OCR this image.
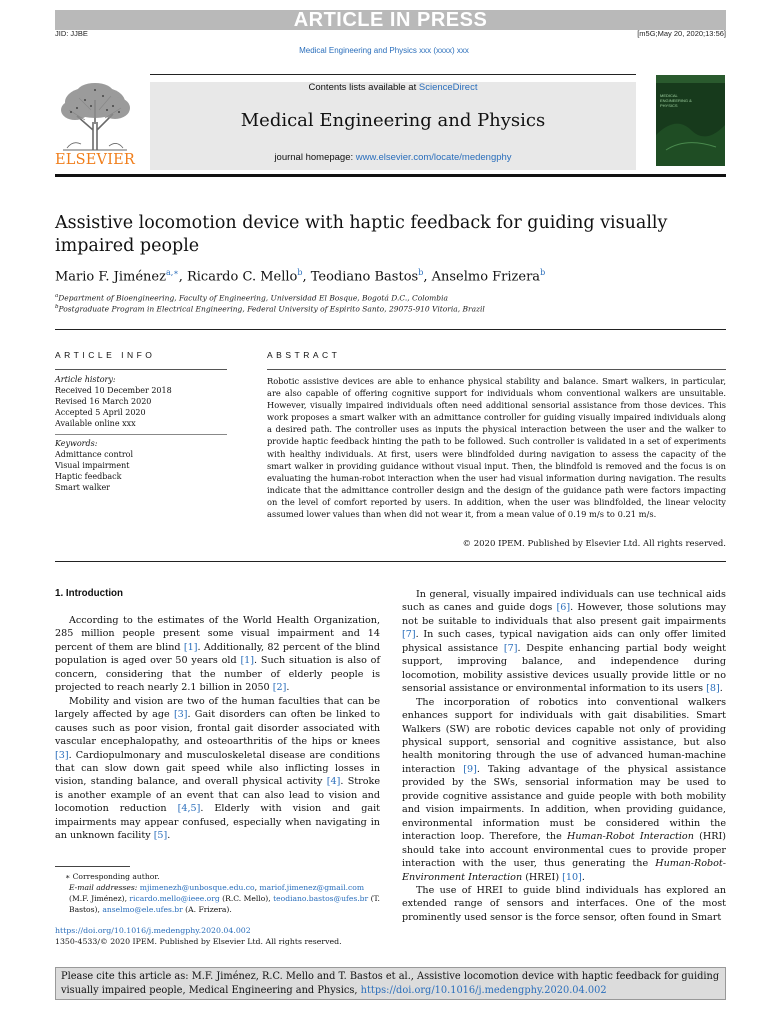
ARTICLE IN PRESS
JID: JJBE	[m5G;May 20, 2020;13:56]
Medical Engineering and Physics xxx (xxxx) xxx
ELSEVIER
Contents lists available at ScienceDirect
Medical Engineering and Physics
journal homepage: www.elsevier.com/locate/medengphy
MEDICAL ENGINEERING & PHYSICS
Assistive locomotion device with haptic feedback for guiding visually impaired people
Mario F. Jiménez$^{a,∗}$, Ricardo C. Mello$^b$, Teodiano Bastos$^b$, Anselmo Frizera$^b$
$^a$Department of Bioengineering, Faculty of Engineering, Universidad El Bosque, Bogotá D.C., Colombia
$^b$Postgraduate Program in Electrical Engineering, Federal University of Espirito Santo, 29075-910 Vitoria, Brazil
ARTICLE INFO
Article history:
Received 10 December 2018
Revised 16 March 2020
Accepted 5 April 2020
Available online xxx
Keywords:
Admittance control
Visual impairment
Haptic feedback
Smart walker
ABSTRACT
Robotic assistive devices are able to enhance physical stability and balance. Smart walkers, in particular, are also capable of offering cognitive support for individuals whom conventional walkers are unsuitable. However, visually impaired individuals often need additional sensorial assistance from those devices. This work proposes a smart walker with an admittance controller for guiding visually impaired individuals along a desired path. The controller uses as inputs the physical interaction between the user and the walker to provide haptic feedback hinting the path to be followed. Such controller is validated in a set of experiments with healthy individuals. At first, users were blindfolded during navigation to assess the capacity of the smart walker in providing guidance without visual input. Then, the blindfold is removed and the focus is on evaluating the human-robot interaction when the user had visual information during navigation. The results indicate that the admittance controller design and the design of the guidance path were factors impacting on the level of comfort reported by users. In addition, when the user was blindfolded, the linear velocity assumed lower values than when did not wear it, from a mean value of 0.19 m/s to 0.21 m/s.
© 2020 IPEM. Published by Elsevier Ltd. All rights reserved.
1. Introduction

According to the estimates of the World Health Organization, 285 million people present some visual impairment and 14 percent of them are blind [1]. Additionally, 82 percent of the blind population is aged over 50 years old [1]. Such situation is also of concern, considering that the number of elderly people is projected to reach nearly 2.1 billion in 2050 [2].

Mobility and vision are two of the human faculties that can be largely affected by age [3]. Gait disorders can often be linked to causes such as poor vision, frontal gait disorder associated with vascular encephalopathy, and osteoarthritis of the hips or knees [3]. Cardiopulmonary and musculoskeletal disease are conditions that can slow down gait speed while also inflicting losses in vision, standing balance, and overall physical activity [4]. Stroke is another example of an event that can also lead to vision and locomotion reduction [4,5]. Elderly with vision and gait impairments may appear confused, especially when navigating in an unknown facility [5].

In general, visually impaired individuals can use technical aids such as canes and guide dogs [6]. However, those solutions may not be suitable to individuals that also present gait impairments [7]. In such cases, typical navigation aids can only offer limited physical assistance [7]. Despite enhancing partial body weight support, improving balance, and independence during locomotion, mobility assistive devices usually provide little or no sensorial assistance or environmental information to its users [8].

The incorporation of robotics into conventional walkers enhances support for individuals with gait disabilities. Smart Walkers (SW) are robotic devices capable not only of providing physical support, sensorial and cognitive assistance, but also health monitoring through the use of advanced human-machine interaction [9]. Taking advantage of the physical assistance provided by the SWs, sensorial information may be used to provide cognitive assistance and guide people with both mobility and vision impairments. In addition, when providing guidance, environmental information must be considered within the interaction loop. Therefore, the Human-Robot Interaction (HRI) should take into account environmental cues to provide proper interaction with the user, thus generating the Human-Robot-Environment Interaction (HREI) [10].

The use of HREI to guide blind individuals has explored an extended range of sensors and interfaces. One of the most prominently used sensor is the force sensor, often found in Smart

∗ Corresponding author.
E-mail addresses: mjimenezh@unbosque.edu.co, mariof.jimenez@gmail.com (M.F. Jiménez), ricardo.mello@ieee.org (R.C. Mello), teodiano.bastos@ufes.br (T. Bastos), anselmo@ele.ufes.br (A. Frizera).
https://doi.org/10.1016/j.medengphy.2020.04.002
1350-4533/© 2020 IPEM. Published by Elsevier Ltd. All rights reserved.
Please cite this article as: M.F. Jiménez, R.C. Mello and T. Bastos et al., Assistive locomotion device with haptic feedback for guiding visually impaired people, Medical Engineering and Physics, https://doi.org/10.1016/j.medengphy.2020.04.002
